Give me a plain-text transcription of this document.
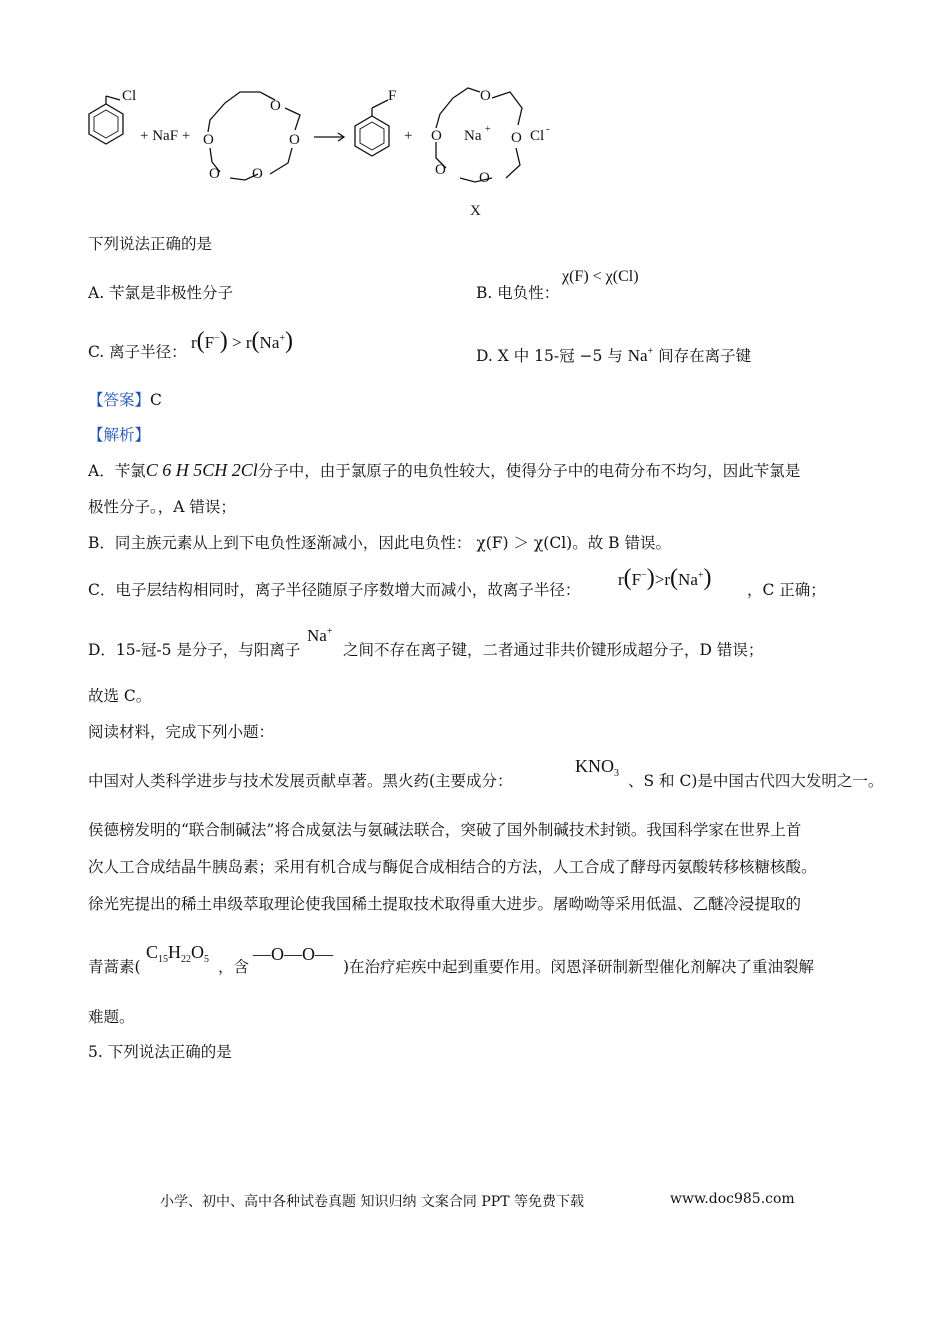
Cl
+ NaF +
O
O
O
O
O
F
+
O
O
O
O
O Na +	Cl -
X
下列说法正确的是
A. 苄氯是非极性分子	B. 电负性：
χ(F) < χ(Cl)
C. 离子半径： r(F−) > r(Na+)
D. X 中 15-冠 −5 与 Na+ 间存在离子键
【答案】C
【解析】
A．苄氯C 6 H 5CH 2Cl分子中，由于氯原子的电负性较大，使得分子中的电荷分布不均匀，因此苄氯是
极性分子。，A 错误；
B．同主族元素从上到下电负性逐渐减小，因此电负性： χ(F) ＞ χ(Cl)。故 B 错误。
C．电子层结构相同时，离子半径随原子序数增大而减小，故离子半径：
r(F−)>r(Na+) ，C 正确；
D．15-冠-5 是分子，与阳离子
Na+
之间不存在离子键，二者通过非共价键形成超分子，D 错误；
故选 C。
阅读材料，完成下列小题：
中国对人类科学进步与技术发展贡献卓著。黑火药(主要成分：
$KNO_3$ 、S 和 C)是中国古代四大发明之一。
侯德榜发明的“联合制碱法”将合成氨法与氨碱法联合，突破了国外制碱技术封锁。我国科学家在世界上首
次人工合成结晶牛胰岛素；采用有机合成与酶促合成相结合的方法，人工合成了酵母丙氨酸转移核糖核酸。
徐光宪提出的稀土串级萃取理论使我国稀土提取技术取得重大进步。屠呦呦等采用低温、乙醚冷浸提取的
青蒿素(
$C_{15}H_{22}O_5$ ，含
—O—O—
)在治疗疟疾中起到重要作用。闵恩泽研制新型催化剂解决了重油裂解
难题。
5. 下列说法正确的是
小学、初中、高中各种试卷真题 知识归纳 文案合同 PPT 等免费下载	www.doc985.com
